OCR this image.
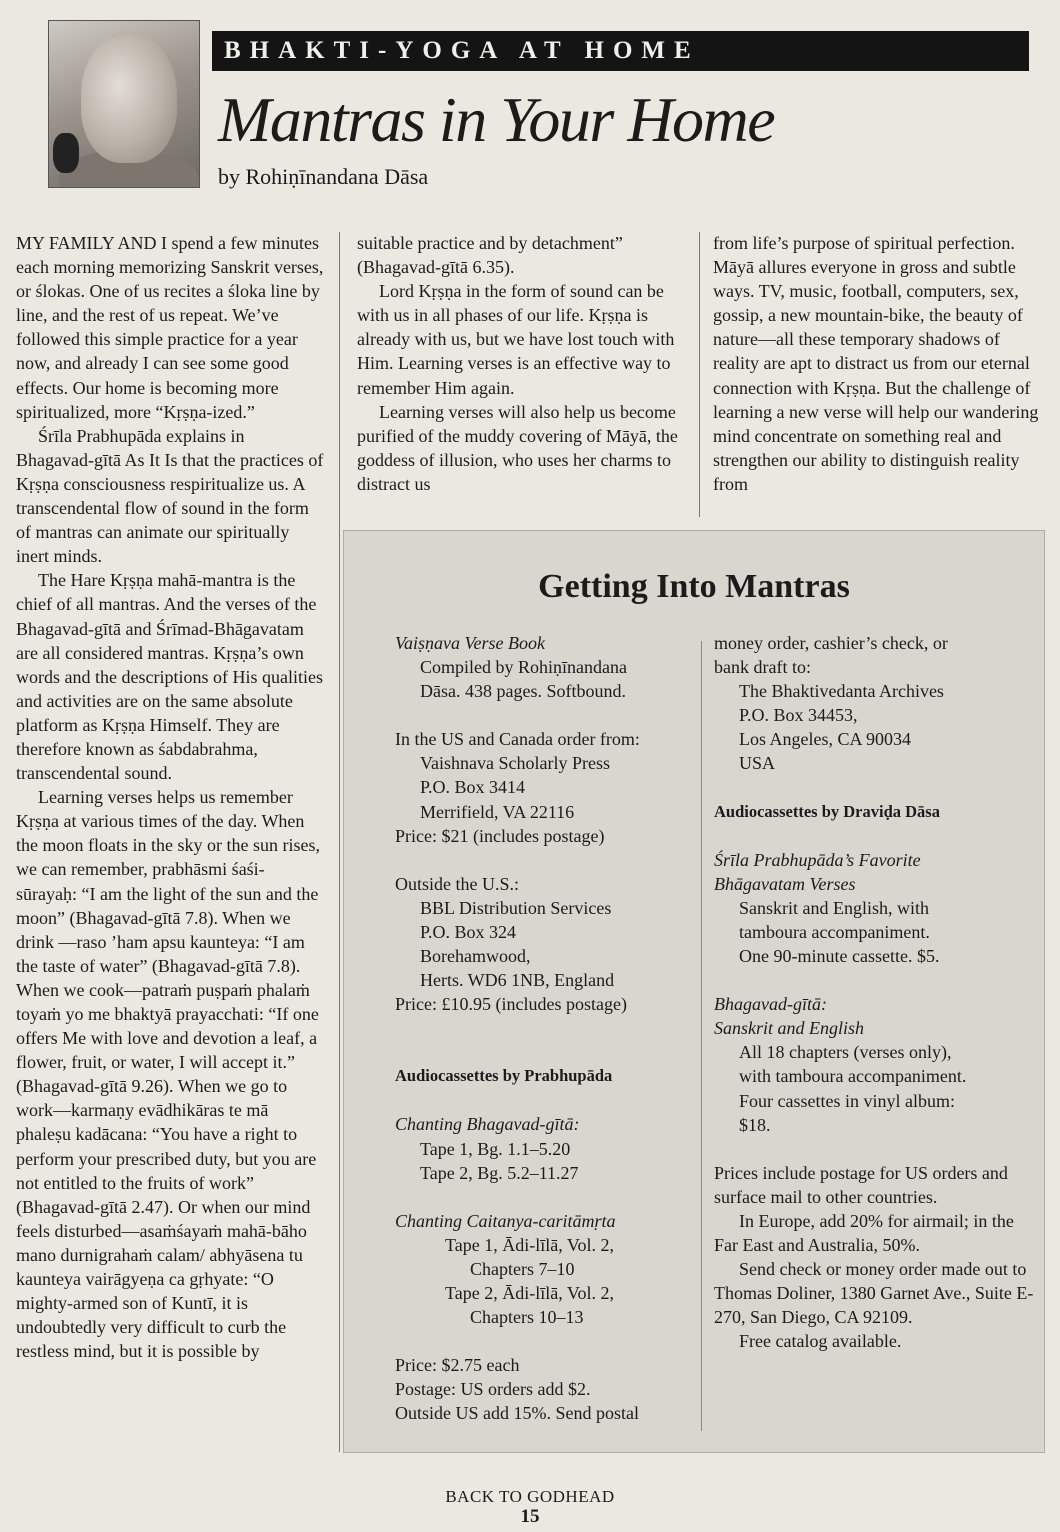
BHAKTI-YOGA AT HOME
Mantras in Your Home

by Rohiṇīnandana Dāsa

MY FAMILY AND I spend a few minutes each morning memorizing Sanskrit verses, or ślokas. One of us recites a śloka line by line, and the rest of us repeat. We’ve followed this simple practice for a year now, and already I can see some good effects. Our home is becoming more spiritualized, more “Kṛṣṇa-ized.”

Śrīla Prabhupāda explains in Bhagavad-gītā As It Is that the practices of Kṛṣṇa consciousness respiritualize us. A transcendental flow of sound in the form of mantras can animate our spiritually inert minds.

The Hare Kṛṣṇa mahā-mantra is the chief of all mantras. And the verses of the Bhagavad-gītā and Śrīmad-Bhāgavatam are all considered mantras. Kṛṣṇa’s own words and the descriptions of His qualities and activities are on the same absolute platform as Kṛṣṇa Himself. They are therefore known as śabdabrahma, transcendental sound.

Learning verses helps us remember Kṛṣṇa at various times of the day. When the moon floats in the sky or the sun rises, we can remember, prabhāsmi śaśi-sūrayaḥ: “I am the light of the sun and the moon” (Bhagavad-gītā 7.8). When we drink —raso ’ham apsu kaunteya: “I am the taste of water” (Bhagavad-gītā 7.8). When we cook—patraṁ puṣpaṁ phalaṁ toyaṁ yo me bhaktyā prayacchati: “If one offers Me with love and devotion a leaf, a flower, fruit, or water, I will accept it.” (Bhagavad-gītā 9.26). When we go to work—karmaṇy evādhikāras te mā phaleṣu kadācana: “You have a right to perform your prescribed duty, but you are not entitled to the fruits of work” (Bhagavad-gītā 2.47). Or when our mind feels disturbed—asaṁśayaṁ mahā-bāho mano durnigrahaṁ calam/ abhyāsena tu kaunteya vairāgyeṇa ca gṛhyate: “O mighty-armed son of Kuntī, it is undoubtedly very difficult to curb the restless mind, but it is possible by

suitable practice and by detachment” (Bhagavad-gītā 6.35).

Lord Kṛṣṇa in the form of sound can be with us in all phases of our life. Kṛṣṇa is already with us, but we have lost touch with Him. Learning verses is an effective way to remember Him again.

Learning verses will also help us become purified of the muddy covering of Māyā, the goddess of illusion, who uses her charms to distract us

from life’s purpose of spiritual perfection. Māyā allures everyone in gross and subtle ways. TV, music, football, computers, sex, gossip, a new mountain-bike, the beauty of nature—all these temporary shadows of reality are apt to distract us from our eternal connection with Kṛṣṇa. But the challenge of learning a new verse will help our wandering mind concentrate on something real and strengthen our ability to distinguish reality from

Getting Into Mantras

Vaiṣṇava Verse Book

Compiled by Rohiṇīnandana

Dāsa. 438 pages. Softbound.

In the US and Canada order from:

Vaishnava Scholarly Press

P.O. Box 3414

Merrifield, VA 22116

Price: $21 (includes postage)

Outside the U.S.:

BBL Distribution Services

P.O. Box 324

Borehamwood,

Herts. WD6 1NB, England

Price: £10.95 (includes postage)

Audiocassettes by Prabhupāda

Chanting Bhagavad-gītā:

Tape 1, Bg. 1.1–5.20

Tape 2, Bg. 5.2–11.27

Chanting Caitanya-caritāmṛta

Tape 1, Ādi-līlā, Vol. 2,

Chapters 7–10

Tape 2, Ādi-līlā, Vol. 2,

Chapters 10–13

Price: $2.75 each

Postage: US orders add $2.

Outside US add 15%. Send postal

money order, cashier’s check, or

bank draft to:

The Bhaktivedanta Archives

P.O. Box 34453,

Los Angeles, CA 90034

USA

Audiocassettes by Draviḍa Dāsa

Śrīla Prabhupāda’s Favorite

Bhāgavatam Verses

Sanskrit and English, with

tamboura accompaniment.

One 90-minute cassette. $5.

Bhagavad-gītā:

Sanskrit and English

All 18 chapters (verses only),

with tamboura accompaniment.

Four cassettes in vinyl album:

$18.

Prices include postage for US orders and surface mail to other countries.

In Europe, add 20% for airmail; in the Far East and Australia, 50%.

Send check or money order made out to Thomas Doliner, 1380 Garnet Ave., Suite E-270, San Diego, CA 92109.

Free catalog available.

BACK TO GODHEAD
15
